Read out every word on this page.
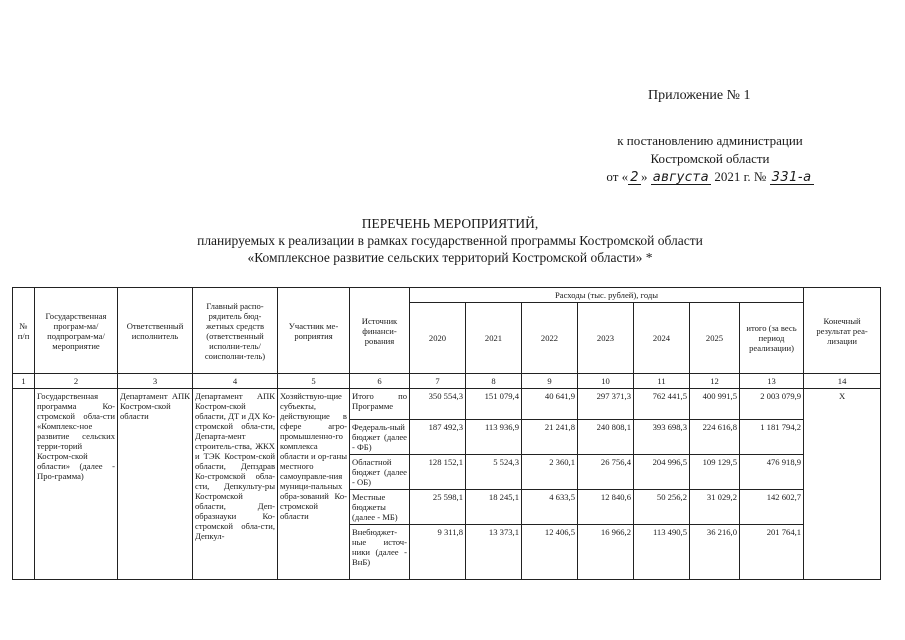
Приложение № 1
к постановлению администрации
Костромской области
от « 2 » августа 2021 г. № 331-а
ПЕРЕЧЕНЬ МЕРОПРИЯТИЙ,
планируемых к реализации в рамках государственной программы Костромской области
«Комплексное развитие сельских территорий Костромской области» *
№ п/п	Государственная програм-ма/подпрограм-ма/мероприятие	Ответственный исполнитель	Главный распо-рядитель бюд-жетных средств (ответственный исполни-тель/соисполни-тель)	Участник ме-роприятия	Источник финанси-рования	Расходы (тыс. рублей), годы							Конечный результат реа-лизации
						2020	2021	2022	2023	2024	2025	итого (за весь период реализации)	
1	2	3	4	5	6	7	8	9	10	11	12	13	14
	Государственная программа Ко-стромской обла-сти «Комплекс-ное развитие сельских терри-торий Костром-ской области» (далее - Про-грамма)	Департамент АПК Костром-ской области	Департамент АПК Костром-ской области, ДТ и ДХ Ко-стромской обла-сти, Департа-мент строитель-ства, ЖКХ и ТЭК Костром-ской области, Депздрав Ко-стромской обла-сти, Депкульту-ры Костромской области, Деп-образнауки Ко-стромской обла-сти, Депкул-	Хозяйствую-щие субъекты, действующие в сфере агро-промышленно-го комплекса области и ор-ганы местного самоуправле-ния муници-пальных обра-зований Ко-стромской области	Итого по Программе	350 554,3	151 079,4	40 641,9	297 371,3	762 441,5	400 991,5	2 003 079,9	Х
					Федераль-ный бюджет (далее - ФБ)	187 492,3	113 936,9	21 241,8	240 808,1	393 698,3	224 616,8	1 181 794,2	
					Областной бюджет (далее - ОБ)	128 152,1	5 524,3	2 360,1	26 756,4	204 996,5	109 129,5	476 918,9	
					Местные бюджеты (далее - МБ)	25 598,1	18 245,1	4 633,5	12 840,6	50 256,2	31 029,2	142 602,7	
					Внебюджет-ные источ-ники (далее - ВнБ)	9 311,8	13 373,1	12 406,5	16 966,2	113 490,5	36 216,0	201 764,1	
